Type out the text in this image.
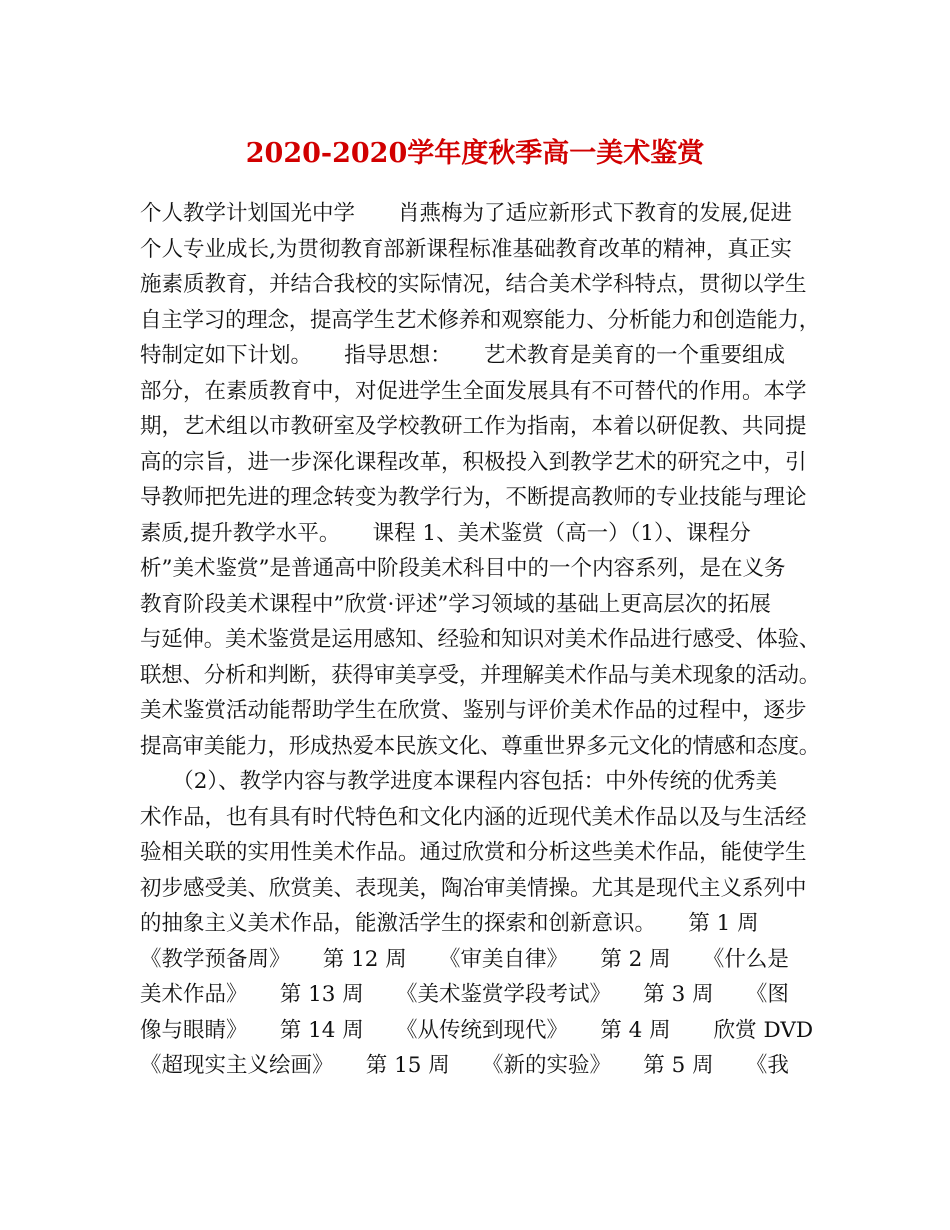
2020-2020学年度秋季高一美术鉴赏
个人教学计划国光中学　　肖燕梅为了适应新形式下教育的发展,促进
个人专业成长,为贯彻教育部新课程标准基础教育改革的精神，真正实
施素质教育，并结合我校的实际情况，结合美术学科特点，贯彻以学生
自主学习的理念，提高学生艺术修养和观察能力、分析能力和创造能力，
特制定如下计划。　　指导思想：　　艺术教育是美育的一个重要组成
部分，在素质教育中，对促进学生全面发展具有不可替代的作用。本学
期，艺术组以市教研室及学校教研工作为指南，本着以研促教、共同提
高的宗旨，进一步深化课程改革，积极投入到教学艺术的研究之中，引
导教师把先进的理念转变为教学行为，不断提高教师的专业技能与理论
素质,提升教学水平。　　课程 1、美术鉴赏（高一）（1）、课程分
析”美术鉴赏”是普通高中阶段美术科目中的一个内容系列，是在义务
教育阶段美术课程中”欣赏·评述”学习领域的基础上更高层次的拓展
与延伸。美术鉴赏是运用感知、经验和知识对美术作品进行感受、体验、
联想、分析和判断，获得审美享受，并理解美术作品与美术现象的活动。
美术鉴赏活动能帮助学生在欣赏、鉴别与评价美术作品的过程中，逐步
提高审美能力，形成热爱本民族文化、尊重世界多元文化的情感和态度。
　　（2）、教学内容与教学进度本课程内容包括：中外传统的优秀美
术作品，也有具有时代特色和文化内涵的近现代美术作品以及与生活经
验相关联的实用性美术作品。通过欣赏和分析这些美术作品，能使学生
初步感受美、欣赏美、表现美，陶冶审美情操。尤其是现代主义系列中
的抽象主义美术作品，能激活学生的探索和创新意识。　　第 1 周
《教学预备周》　　第 12 周　　《审美自律》　　第 2 周　　《什么是
美术作品》　　第 13 周　　《美术鉴赏学段考试》　　第 3 周　　《图
像与眼睛》　　第 14 周　　《从传统到现代》　　第 4 周　　欣赏 DVD
《超现实主义绘画》　　第 15 周　　《新的实验》　　第 5 周　　《我
